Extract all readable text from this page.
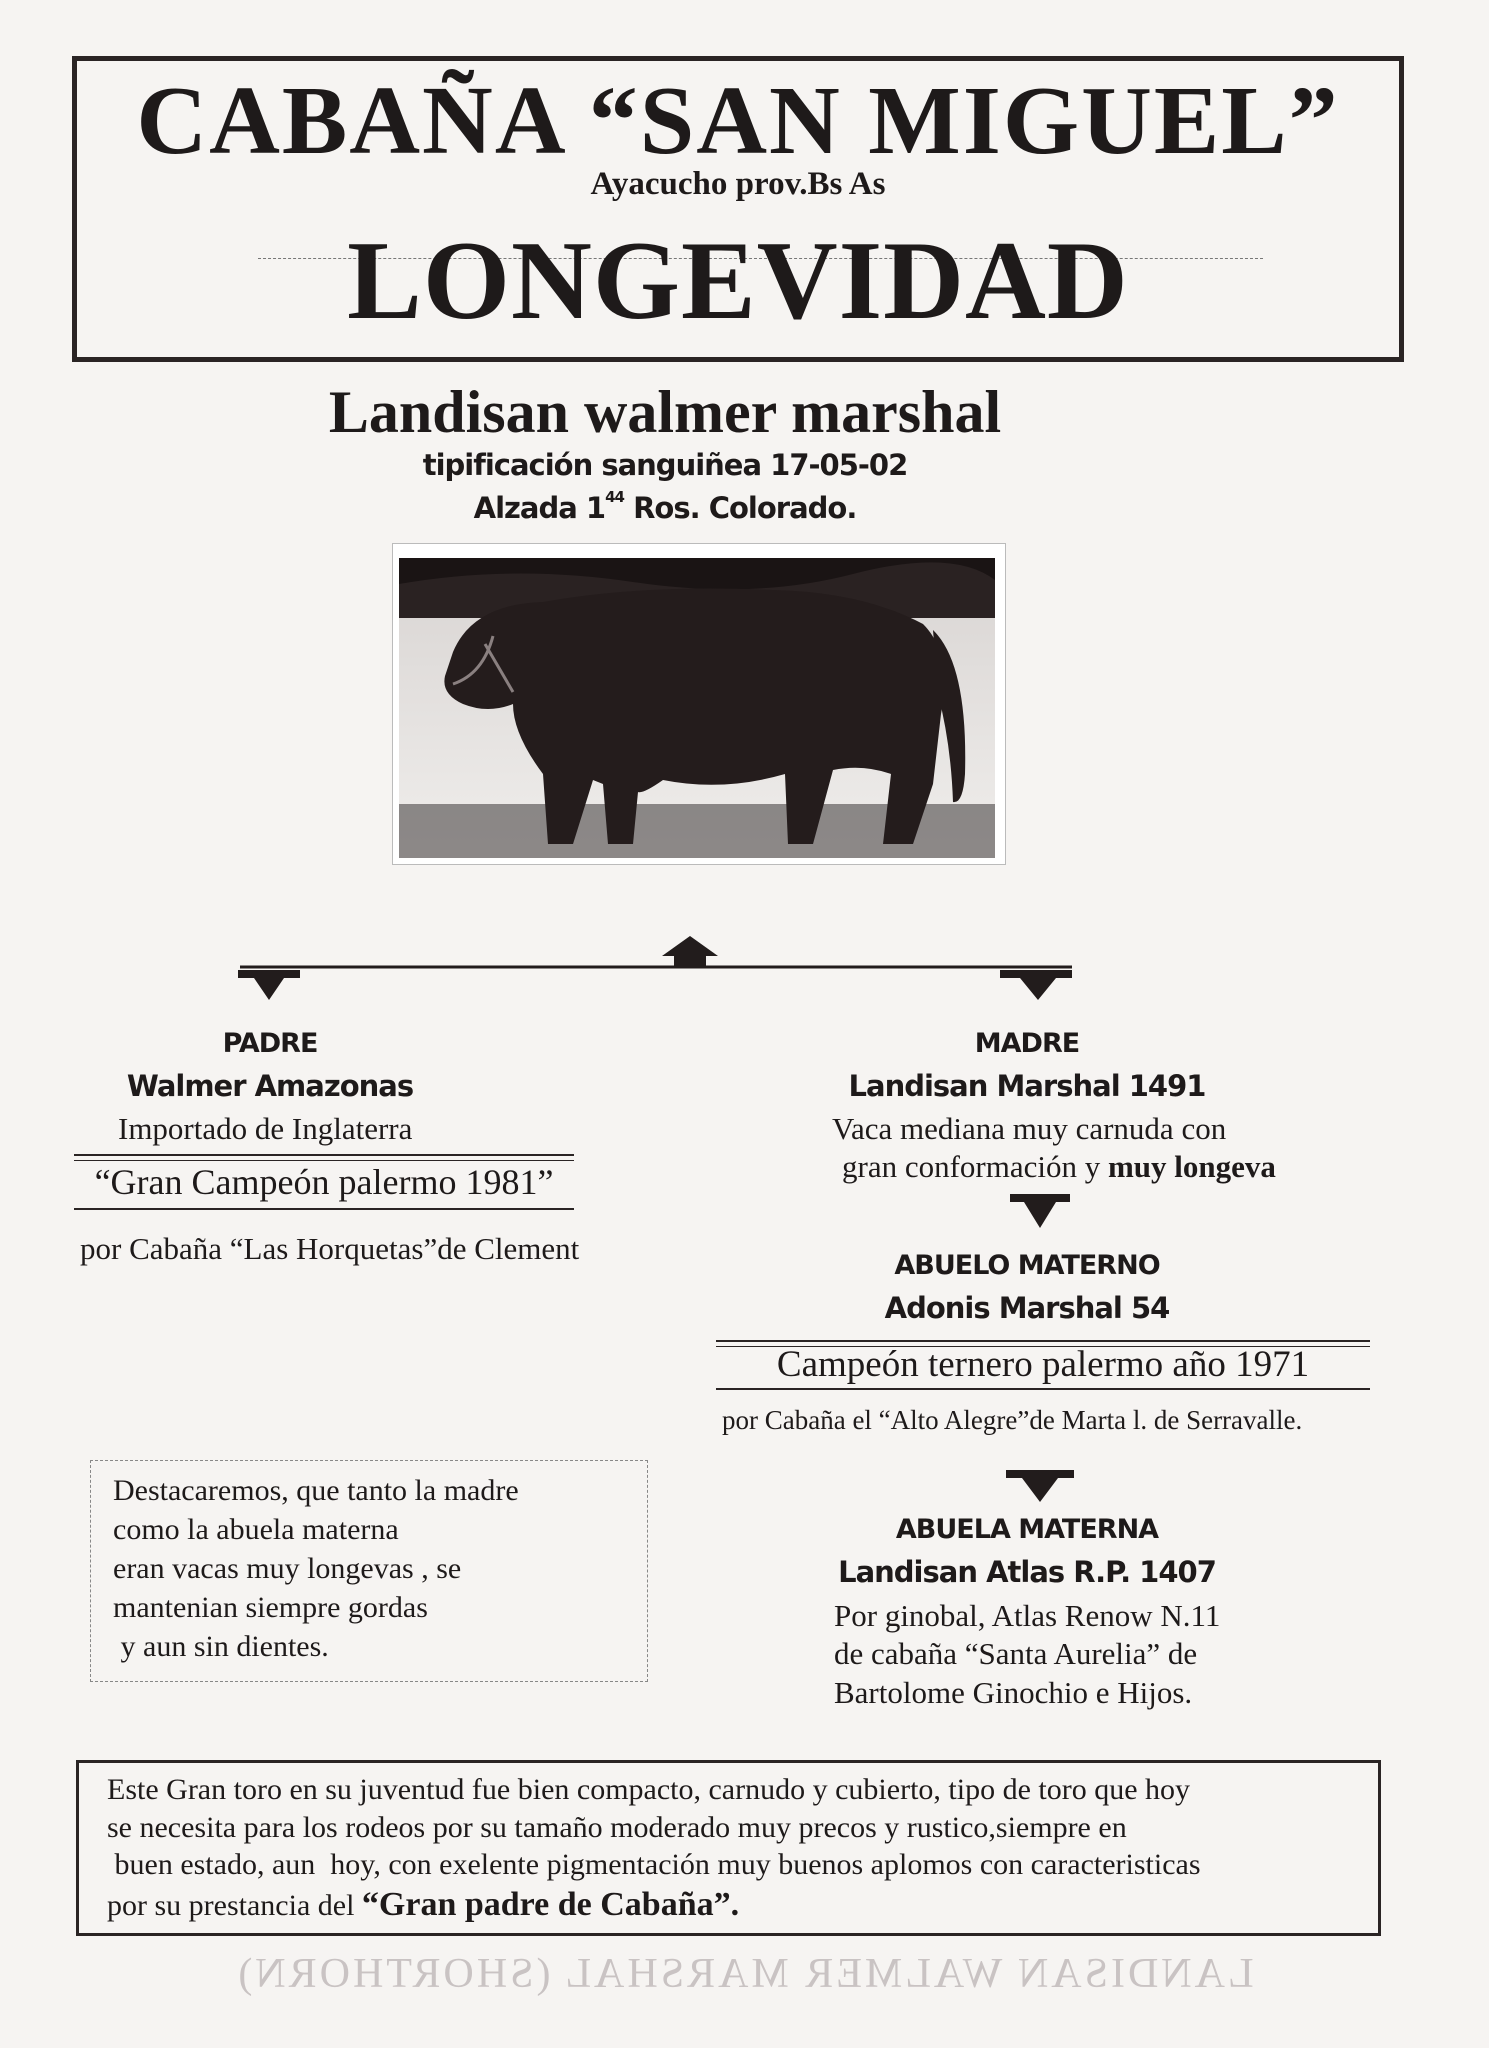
CABAÑA “SAN MIGUEL”
Ayacucho prov.Bs As
LONGEVIDAD
Landisan walmer marshal
tipificación sanguiñea 17-05-02
Alzada $1^{44}$ Ros. Colorado.
PADRE
Walmer Amazonas
Importado de Inglaterra
“Gran Campeón palermo 1981”
por Cabaña “Las Horquetas”de Clement
MADRE
Landisan Marshal 1491
Vaca mediana muy carnuda con
gran conformación y muy longeva
ABUELO MATERNO
Adonis Marshal 54
Campeón ternero palermo año 1971
por Cabaña el “Alto Alegre”de Marta l. de Serravalle.
ABUELA MATERNA
Landisan Atlas R.P. 1407
Por ginobal, Atlas Renow N.11
de cabaña “Santa Aurelia” de
Bartolome Ginochio e Hijos.
Destacaremos, que tanto la madre
como la abuela materna
eran vacas muy longevas , se
mantenian siempre gordas
y aun sin dientes.
Este Gran toro en su juventud fue bien compacto, carnudo y cubierto, tipo de toro que hoy
se necesita para los rodeos por su tamaño moderado muy precos y rustico,siempre en
buen estado, aun  hoy, con exelente pigmentación muy buenos aplomos con caracteristicas
por su prestancia del “Gran padre de Cabaña”.
LANDISAN WALMER MARSHAL (SHORTHORN)
